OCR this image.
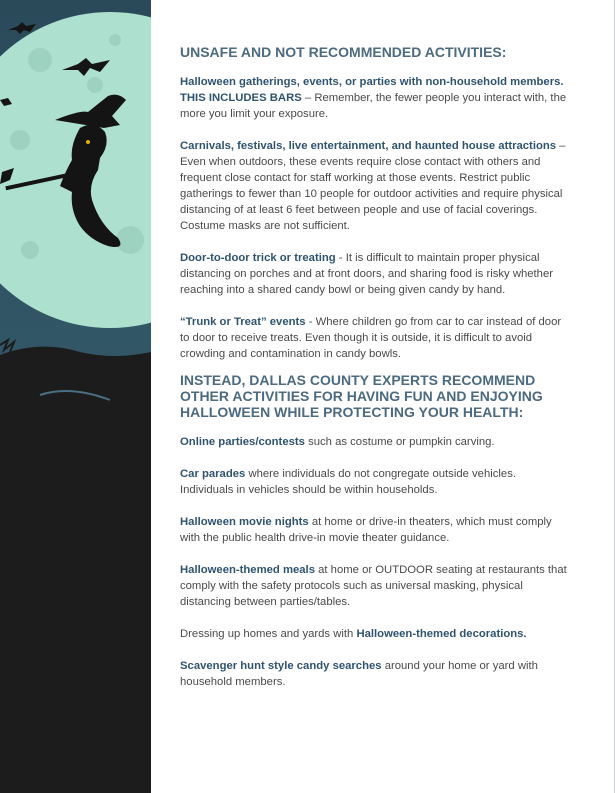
UNSAFE AND NOT RECOMMENDED ACTIVITIES:

Halloween gatherings, events, or parties with non-household members. THIS INCLUDES BARS – Remember, the fewer people you interact with, the more you limit your exposure.

Carnivals, festivals, live entertainment, and haunted house attractions – Even when outdoors, these events require close contact with others and frequent close contact for staff working at those events. Restrict public gatherings to fewer than 10 people for outdoor activities and require physical distancing of at least 6 feet between people and use of facial coverings. Costume masks are not sufficient.

Door-to-door trick or treating - It is difficult to maintain proper physical distancing on porches and at front doors, and sharing food is risky whether reaching into a shared candy bowl or being given candy by hand.

“Trunk or Treat” events - Where children go from car to car instead of door to door to receive treats. Even though it is outside, it is difficult to avoid crowding and contamination in candy bowls.

INSTEAD, DALLAS COUNTY EXPERTS RECOMMEND OTHER ACTIVITIES FOR HAVING FUN AND ENJOYING HALLOWEEN WHILE PROTECTING YOUR HEALTH:

Online parties/contests such as costume or pumpkin carving.

Car parades where individuals do not congregate outside vehicles. Individuals in vehicles should be within households.

Halloween movie nights at home or drive-in theaters, which must comply with the public health drive-in movie theater guidance.

Halloween-themed meals at home or OUTDOOR seating at restaurants that comply with the safety protocols such as universal masking, physical distancing between parties/tables.

Dressing up homes and yards with Halloween-themed decorations.

Scavenger hunt style candy searches around your home or yard with household members.
